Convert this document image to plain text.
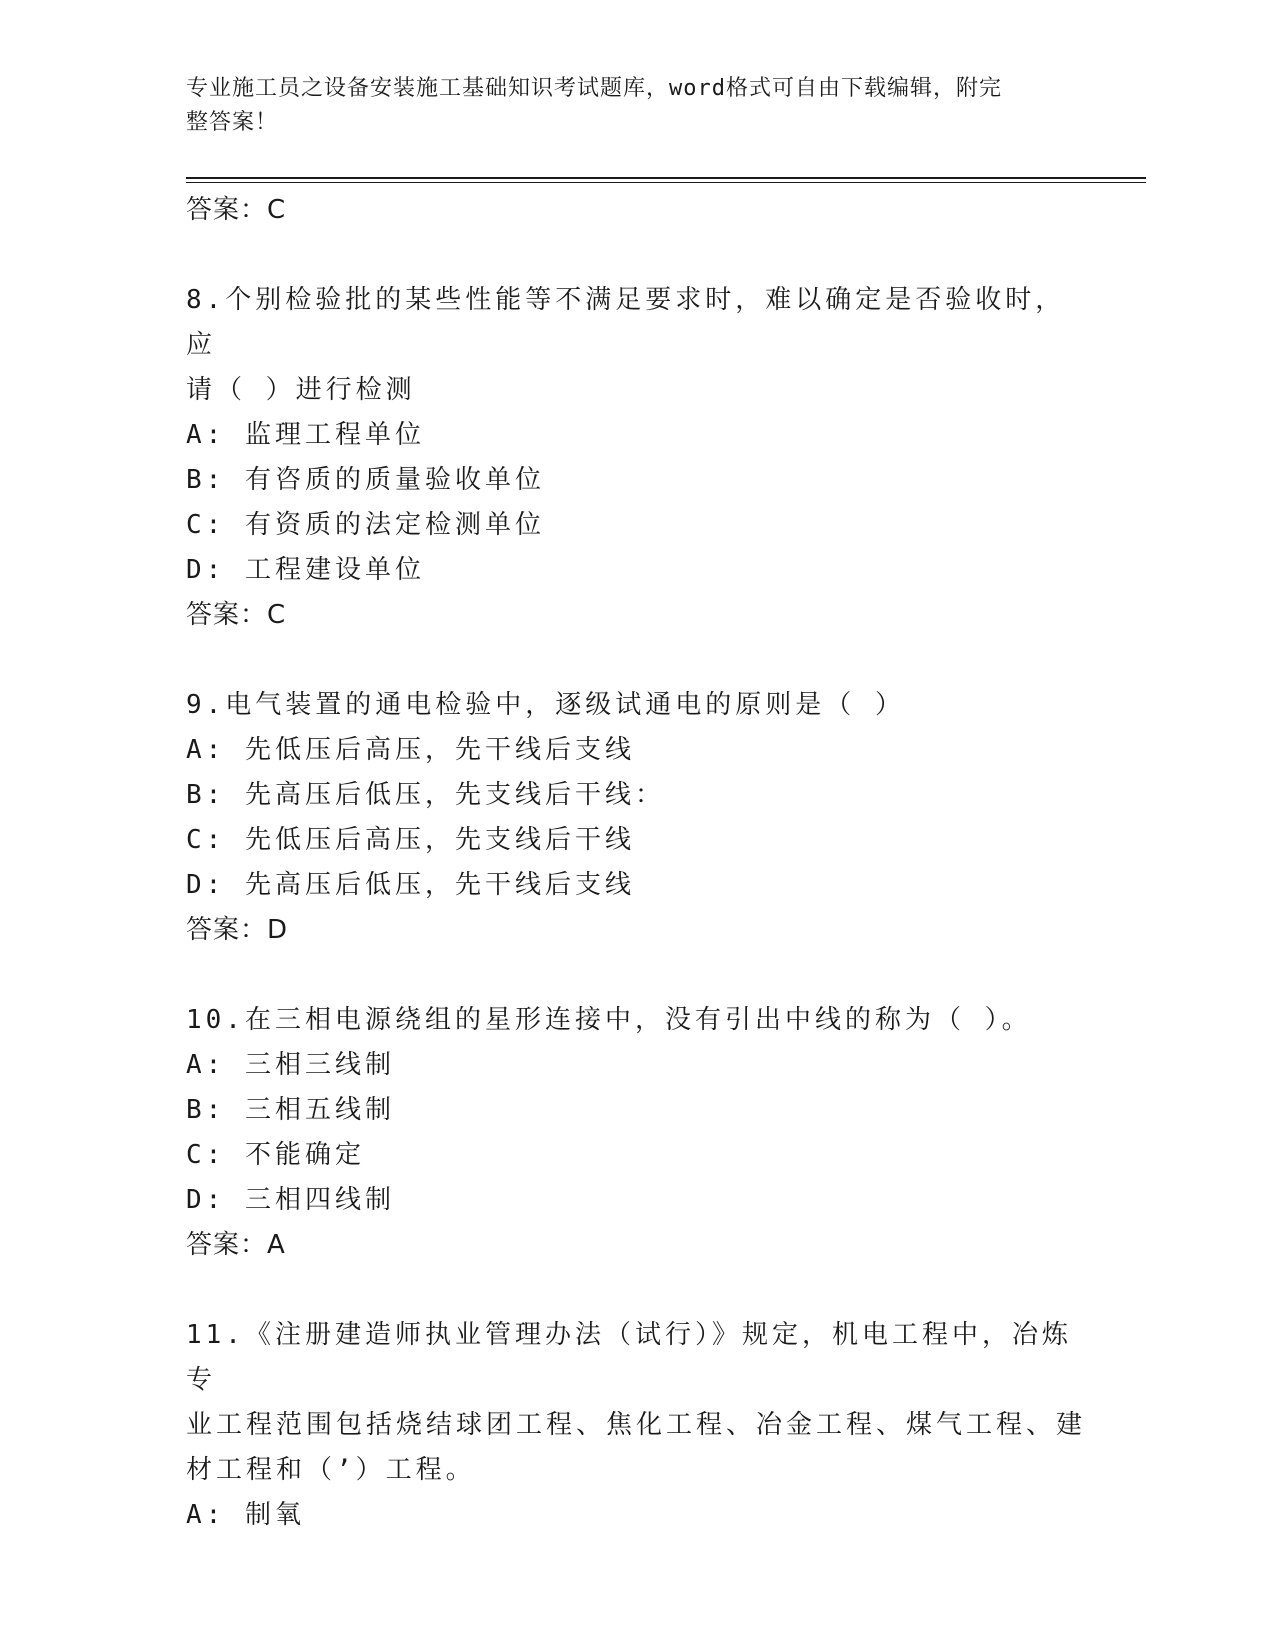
专业施工员之设备安装施工基础知识考试题库，word格式可自由下载编辑，附完
整答案！
答案：C
8.个别检验批的某些性能等不满足要求时，难以确定是否验收时，应
请（ ）进行检测
A: 监理工程单位
B: 有咨质的质量验收单位
C: 有资质的法定检测单位
D: 工程建设单位
答案：C
9.电气装置的通电检验中，逐级试通电的原则是（ ）
A: 先低压后高压，先干线后支线
B: 先高压后低压，先支线后干线：
C: 先低压后高压，先支线后干线
D: 先高压后低压，先干线后支线
答案：D
10.在三相电源绕组的星形连接中，没有引出中线的称为（ ）。
A: 三相三线制
B: 三相五线制
C: 不能确定
D: 三相四线制
答案：A
11.《注册建造师执业管理办法（试行）》规定，机电工程中，冶炼专
业工程范围包括烧结球团工程、焦化工程、冶金工程、煤气工程、建
材工程和（’）工程。
A: 制氧
